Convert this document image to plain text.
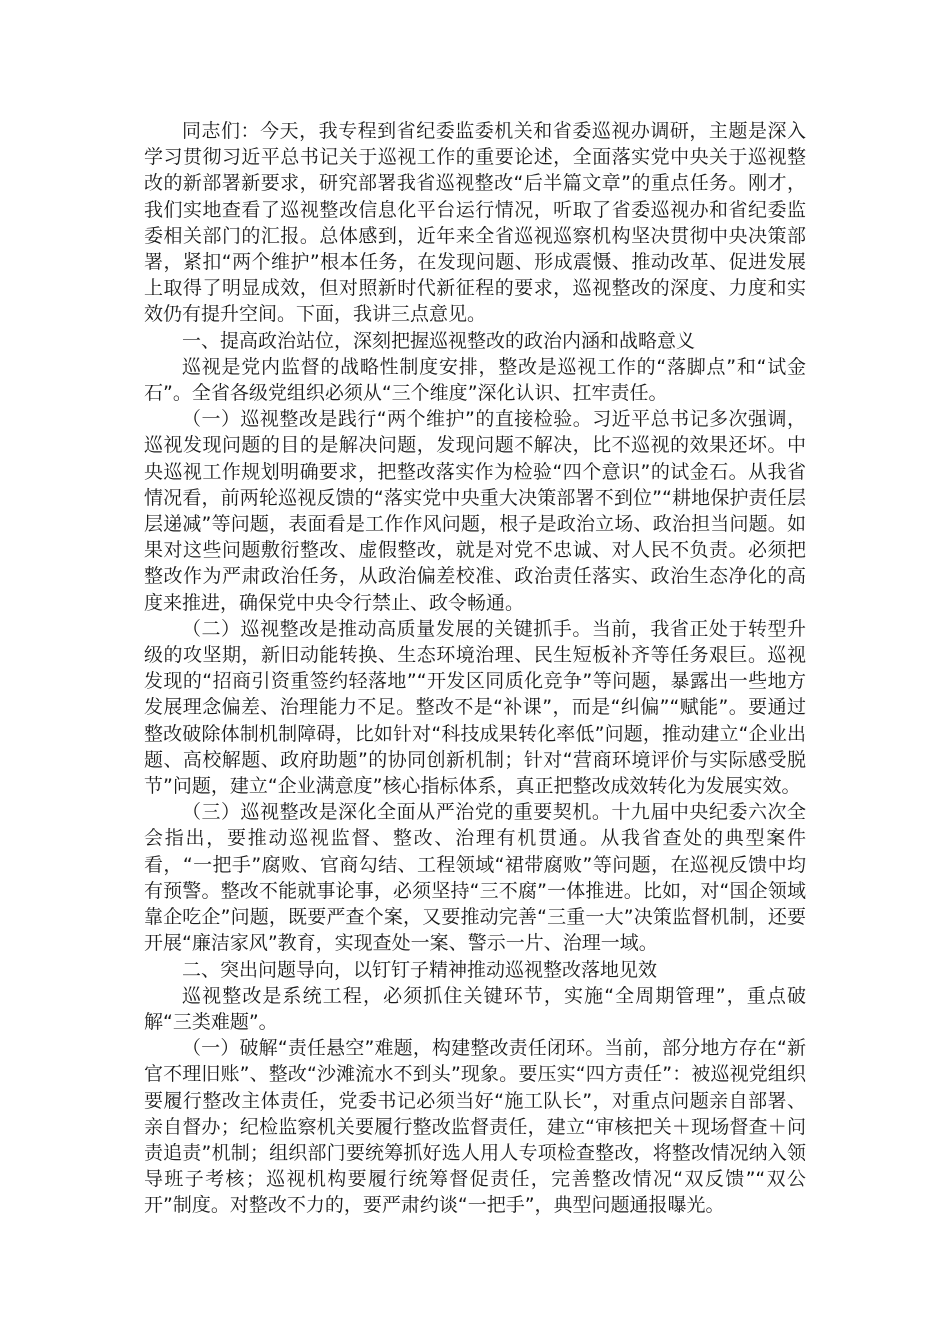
同志们：今天，我专程到省纪委监委机关和省委巡视办调研，主题是深入学习贯彻习近平总书记关于巡视工作的重要论述，全面落实党中央关于巡视整改的新部署新要求，研究部署我省巡视整改“后半篇文章”的重点任务。刚才，我们实地查看了巡视整改信息化平台运行情况，听取了省委巡视办和省纪委监委相关部门的汇报。总体感到，近年来全省巡视巡察机构坚决贯彻中央决策部署，紧扣“两个维护”根本任务，在发现问题、形成震慑、推动改革、促进发展上取得了明显成效，但对照新时代新征程的要求，巡视整改的深度、力度和实效仍有提升空间。下面，我讲三点意见。

一、提高政治站位，深刻把握巡视整改的政治内涵和战略意义

巡视是党内监督的战略性制度安排，整改是巡视工作的“落脚点”和“试金石”。全省各级党组织必须从“三个维度”深化认识、扛牢责任。

（一）巡视整改是践行“两个维护”的直接检验。习近平总书记多次强调，巡视发现问题的目的是解决问题，发现问题不解决，比不巡视的效果还坏。中央巡视工作规划明确要求，把整改落实作为检验“四个意识”的试金石。从我省情况看，前两轮巡视反馈的“落实党中央重大决策部署不到位”“耕地保护责任层层递减”等问题，表面看是工作作风问题，根子是政治立场、政治担当问题。如果对这些问题敷衍整改、虚假整改，就是对党不忠诚、对人民不负责。必须把整改作为严肃政治任务，从政治偏差校准、政治责任落实、政治生态净化的高度来推进，确保党中央令行禁止、政令畅通。

（二）巡视整改是推动高质量发展的关键抓手。当前，我省正处于转型升级的攻坚期，新旧动能转换、生态环境治理、民生短板补齐等任务艰巨。巡视发现的“招商引资重签约轻落地”“开发区同质化竞争”等问题，暴露出一些地方发展理念偏差、治理能力不足。整改不是“补课”，而是“纠偏”“赋能”。要通过整改破除体制机制障碍，比如针对“科技成果转化率低”问题，推动建立“企业出题、高校解题、政府助题”的协同创新机制；针对“营商环境评价与实际感受脱节”问题，建立“企业满意度”核心指标体系，真正把整改成效转化为发展实效。

（三）巡视整改是深化全面从严治党的重要契机。十九届中央纪委六次全会指出，要推动巡视监督、整改、治理有机贯通。从我省查处的典型案件看，“一把手”腐败、官商勾结、工程领域“裙带腐败”等问题，在巡视反馈中均有预警。整改不能就事论事，必须坚持“三不腐”一体推进。比如，对“国企领域靠企吃企”问题，既要严查个案，又要推动完善“三重一大”决策监督机制，还要开展“廉洁家风”教育，实现查处一案、警示一片、治理一域。

二、突出问题导向，以钉钉子精神推动巡视整改落地见效

巡视整改是系统工程，必须抓住关键环节，实施“全周期管理”，重点破解“三类难题”。

（一）破解“责任悬空”难题，构建整改责任闭环。当前，部分地方存在“新官不理旧账”、整改“沙滩流水不到头”现象。要压实“四方责任”：被巡视党组织要履行整改主体责任，党委书记必须当好“施工队长”，对重点问题亲自部署、亲自督办；纪检监察机关要履行整改监督责任，建立“审核把关＋现场督查＋问责追责”机制；组织部门要统筹抓好选人用人专项检查整改，将整改情况纳入领导班子考核；巡视机构要履行统筹督促责任，完善整改情况“双反馈”“双公开”制度。对整改不力的，要严肃约谈“一把手”，典型问题通报曝光。
